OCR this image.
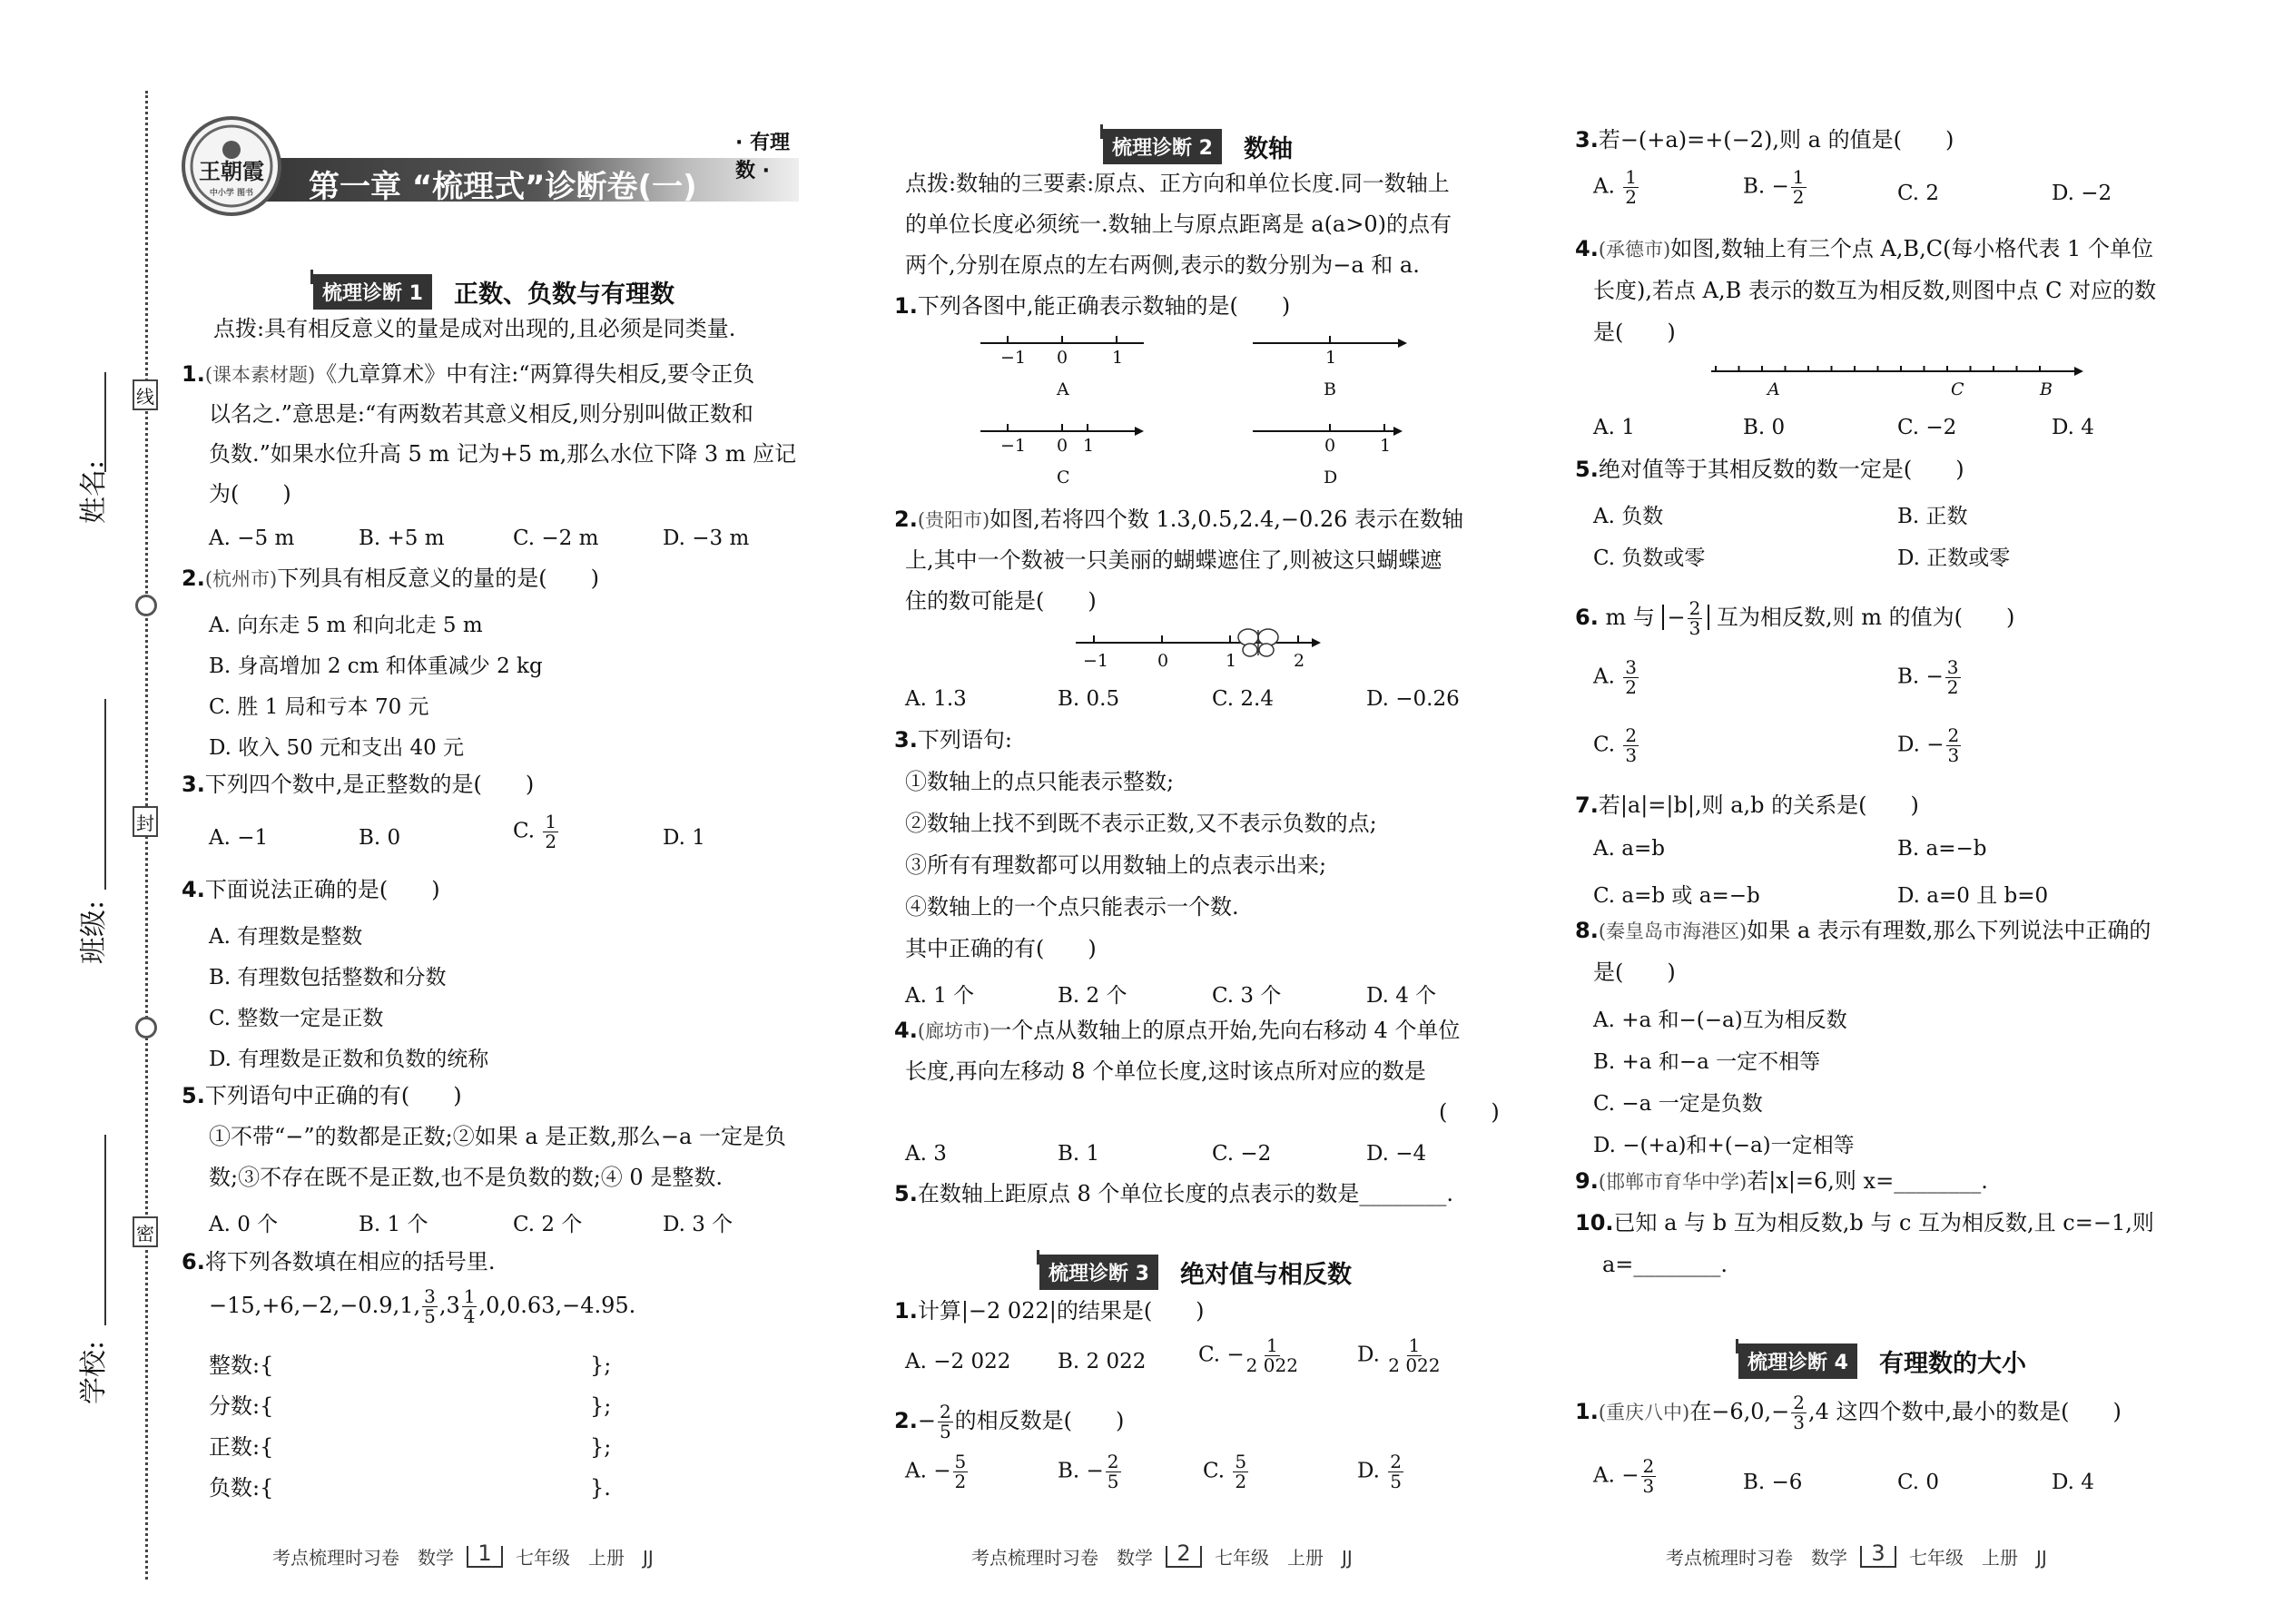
线
封
密
姓名:
班级:
学校:
第一章 “梳理式”诊断卷(一)
王朝霞
中小学 图书
· 有理数 ·
梳理诊断 1	正数、负数与有理数
点拨:具有相反意义的量是成对出现的,且必须是同类量.
1.(课本素材题)《九章算术》中有注:“两算得失相反,要令正负
以名之.”意思是:“有两数若其意义相反,则分别叫做正数和
负数.”如果水位升高 5 m 记为+5 m,那么水位下降 3 m 应记
为(　　)
A. −5 m	B. +5 m	C. −2 m	D. −3 m
2.(杭州市)下列具有相反意义的量的是(　　)
A. 向东走 5 m 和向北走 5 m
B. 身高增加 2 cm 和体重减少 2 kg
C. 胜 1 局和亏本 70 元
D. 收入 50 元和支出 40 元
3.下列四个数中,是正整数的是(　　)
A. −1	B. 0	C. $\frac{1}{2}$	D. 1
4.下面说法正确的是(　　)
A. 有理数是整数
B. 有理数包括整数和分数
C. 整数一定是正数
D. 有理数是正数和负数的统称
5.下列语句中正确的有(　　)
①不带“−”的数都是正数;②如果 a 是正数,那么−a 一定是负
数;③不存在既不是正数,也不是负数的数;④ 0 是整数.
A. 0 个	B. 1 个	C. 2 个	D. 3 个
6.将下列各数填在相应的括号里.
−15,+6,−2,−0.9,1, $\frac{3}{5} ,3 \frac{1}{4} ,0,0.63,-4.95$.
整数:{	};
分数:{	};
正数:{	};
负数:{	}.
考点梳理时习卷　数学	1	七年级　上册　JJ
梳理诊断 2	数轴
点拨:数轴的三要素:原点、正方向和单位长度.同一数轴上
的单位长度必须统一.数轴上与原点距离是 a(a>0)的点有
两个,分别在原点的左右两侧,表示的数分别为−a 和 a.
1.下列各图中,能正确表示数轴的是(　　)
−1 0	1	1
−1 0 1	0	1
A	B
C	D
2.(贵阳市)如图,若将四个数 1.3,0.5,2.4,−0.26 表示在数轴
上,其中一个数被一只美丽的蝴蝶遮住了,则被这只蝴蝶遮
住的数可能是(　　)
−1	0	1	2
A. 1.3	B. 0.5	C. 2.4	D. −0.26
3.下列语句:
①数轴上的点只能表示整数;
②数轴上找不到既不表示正数,又不表示负数的点;
③所有有理数都可以用数轴上的点表示出来;
④数轴上的一个点只能表示一个数.
其中正确的有(　　)
A. 1 个	B. 2 个	C. 3 个	D. 4 个
4.(廊坊市)一个点从数轴上的原点开始,先向右移动 4 个单位
长度,再向左移动 8 个单位长度,这时该点所对应的数是
(　　)
A. 3	B. 1	C. −2	D. −4
5.在数轴上距原点 8 个单位长度的点表示的数是________.
梳理诊断 3	绝对值与相反数
1.计算|−2 022|的结果是(　　)
A. −2 022 B. 2 022	C. − $\frac{1}{2 022}$	D. $\frac{1}{2 022}$
$2.- \frac{2}{5}$ 的相反数是(　　)
A. − $\frac{5}{2}$	B. − $\frac{2}{5}$	C. $\frac{5}{2}$	D. $\frac{2}{5}$
考点梳理时习卷　数学	2	七年级　上册　JJ
3.若−(+a)=+(−2),则 a 的值是(　　)
A. $\frac{1}{2}$	B. − $\frac{1}{2}$	C. 2	D. −2
4.(承德市)如图,数轴上有三个点 A,B,C(每小格代表 1 个单位
长度),若点 A,B 表示的数互为相反数,则图中点 C 对应的数
是(　　)
A	C	B
A. 1	B. 0	C. −2	D. 4
5.绝对值等于其相反数的数一定是(　　)
A. 负数	B. 正数
C. 负数或零	D. 正数或零
6. m 与 − $\frac{2}{3}$ 互为相反数,则 m 的值为(　　)
A. $\frac{3}{2}$	B. − $\frac{3}{2}$
C. $\frac{2}{3}$	D. − $\frac{2}{3}$
7.若|a|=|b|,则 a,b 的关系是(　　)
A. a=b	B. a=−b
C. a=b 或 a=−b	D. a=0 且 b=0
8.(秦皇岛市海港区)如果 a 表示有理数,那么下列说法中正确的
是(　　)
A. +a 和−(−a)互为相反数
B. +a 和−a 一定不相等
C. −a 一定是负数
D. −(+a)和+(−a)一定相等
9.(邯郸市育华中学)若|x|=6,则 x=________.
10.已知 a 与 b 互为相反数,b 与 c 互为相反数,且 c=−1,则
a=________.
梳理诊断 4	有理数的大小
1.(重庆八中)在$-6,0,- \frac{2}{3} ,4$ 这四个数中,最小的数是(　　)
A. − $\frac{2}{3}$	B. −6	C. 0	D. 4
考点梳理时习卷　数学	3	七年级　上册　JJ
